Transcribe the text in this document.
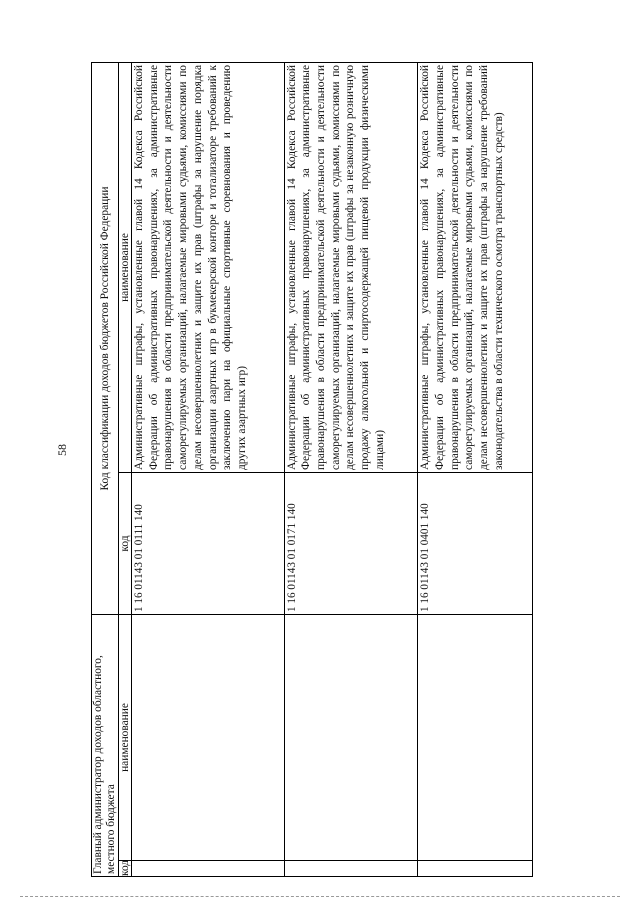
58
Главный администратор доходов областного, местного бюджета		Код классификации доходов бюджетов Российской Федерации	
код	наименование	код	наименование
		1 16 01143 01 0111 140	Административные штрафы, установленные главой 14 Кодекса Российской Федерации об административных правонарушениях, за административные правонарушения в области предпринимательской деятельности и деятельности саморегулируемых организаций, налагаемые мировыми судьями, комиссиями по делам несовершеннолетних и защите их прав (штрафы за нарушение порядка организации азартных игр в букмекерской конторе и тотализаторе требований к заключению пари на официальные спортивные соревнования и проведению других азартных игр)
		1 16 01143 01 0171 140	Административные штрафы, установленные главой 14 Кодекса Российской Федерации об административных правонарушениях, за административные правонарушения в области предпринимательской деятельности и деятельности саморегулируемых организаций, налагаемые мировыми судьями, комиссиями по делам несовершеннолетних и защите их прав (штрафы за незаконную розничную продажу алкогольной и спиртосодержащей пищевой продукции физическими лицами)
		1 16 01143 01 0401 140	Административные штрафы, установленные главой 14 Кодекса Российской Федерации об административных правонарушениях, за административные правонарушения в области предпринимательской деятельности и деятельности саморегулируемых организаций, налагаемые мировыми судьями, комиссиями по делам несовершеннолетних и защите их прав (штрафы за нарушение требований законодательства в области технического осмотра транспортных средств)
